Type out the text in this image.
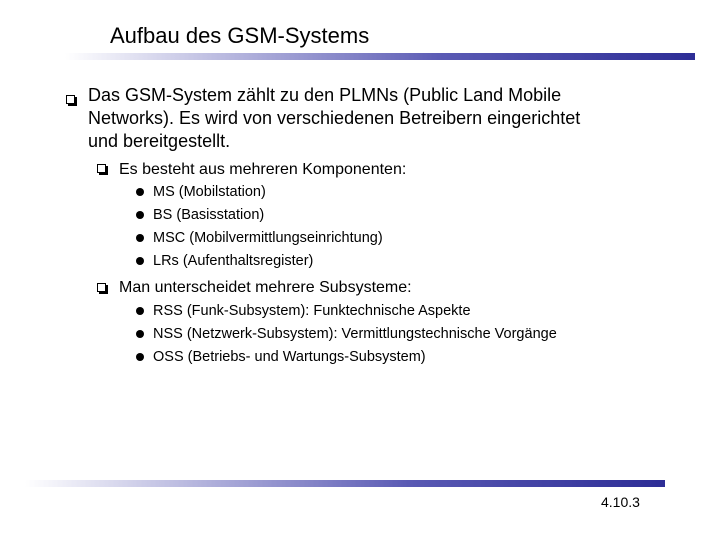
Aufbau des GSM-Systems
Das GSM-System zählt zu den PLMNs (Public Land Mobile
Networks). Es wird von verschiedenen Betreibern eingerichtet
und bereitgestellt.
Es besteht aus mehreren Komponenten:
MS (Mobilstation)
BS (Basisstation)
MSC (Mobilvermittlungseinrichtung)
LRs (Aufenthaltsregister)
Man unterscheidet mehrere Subsysteme:
RSS (Funk-Subsystem): Funktechnische Aspekte
NSS (Netzwerk-Subsystem): Vermittlungstechnische Vorgänge
OSS (Betriebs- und Wartungs-Subsystem)
4.10.3
